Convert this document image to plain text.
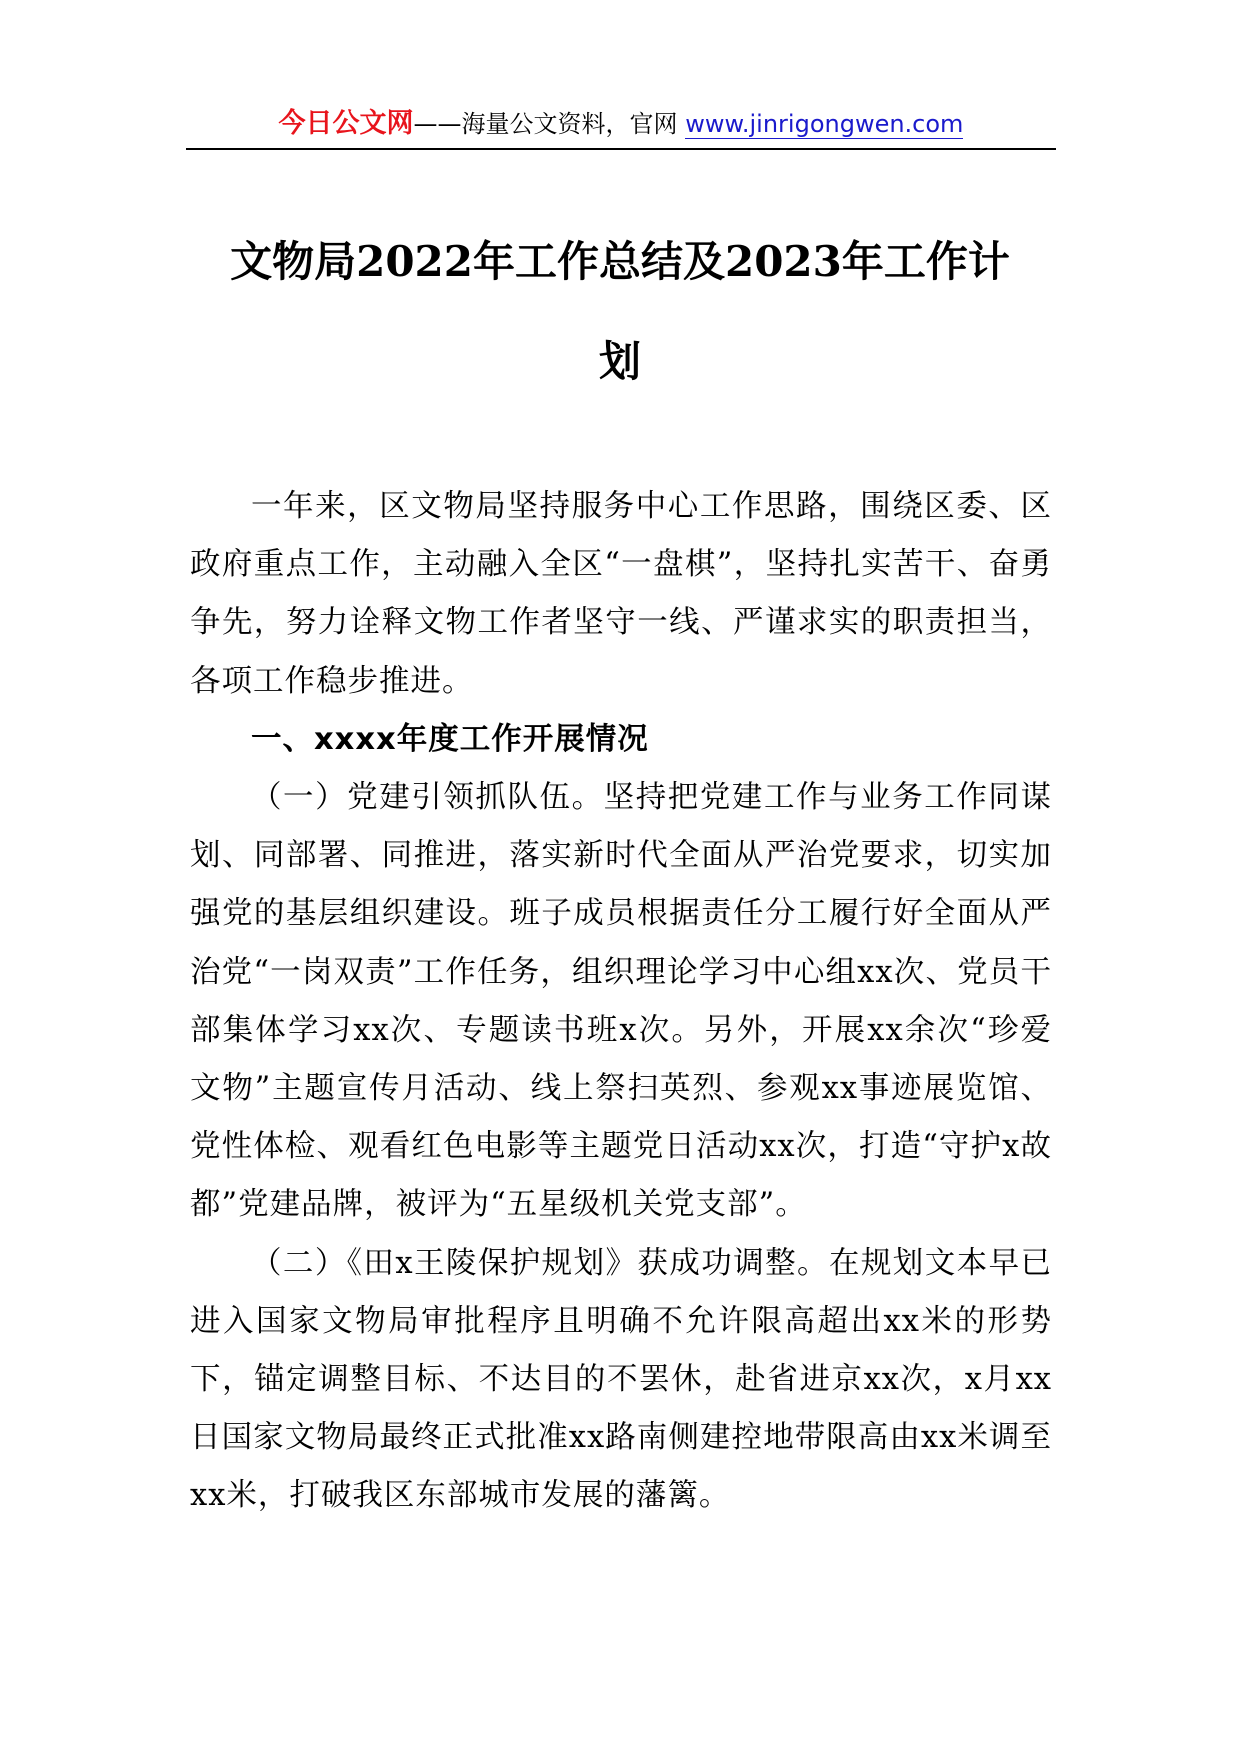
今日公文网——海量公文资料，官网 www.jinrigongwen.com
文物局2022年工作总结及2023年工作计
划

一年来，区文物局坚持服务中心工作思路，围绕区委、区政府重点工作，主动融入全区“一盘棋”，坚持扎实苦干、奋勇争先，努力诠释文物工作者坚守一线、严谨求实的职责担当，各项工作稳步推进。

一、xxxx年度工作开展情况

（一）党建引领抓队伍。坚持把党建工作与业务工作同谋划、同部署、同推进，落实新时代全面从严治党要求，切实加强党的基层组织建设。班子成员根据责任分工履行好全面从严治党“一岗双责”工作任务，组织理论学习中心组xx次、党员干部集体学习xx次、专题读书班x次。另外，开展xx余次“珍爱文物”主题宣传月活动、线上祭扫英烈、参观xx事迹展览馆、党性体检、观看红色电影等主题党日活动xx次，打造“守护x故都”党建品牌，被评为“五星级机关党支部”。

（二）《田x王陵保护规划》获成功调整。在规划文本早已进入国家文物局审批程序且明确不允许限高超出xx米的形势下，锚定调整目标、不达目的不罢休，赴省进京xx次，x月xx日国家文物局最终正式批准xx路南侧建控地带限高由xx米调至xx米，打破我区东部城市发展的藩篱。
